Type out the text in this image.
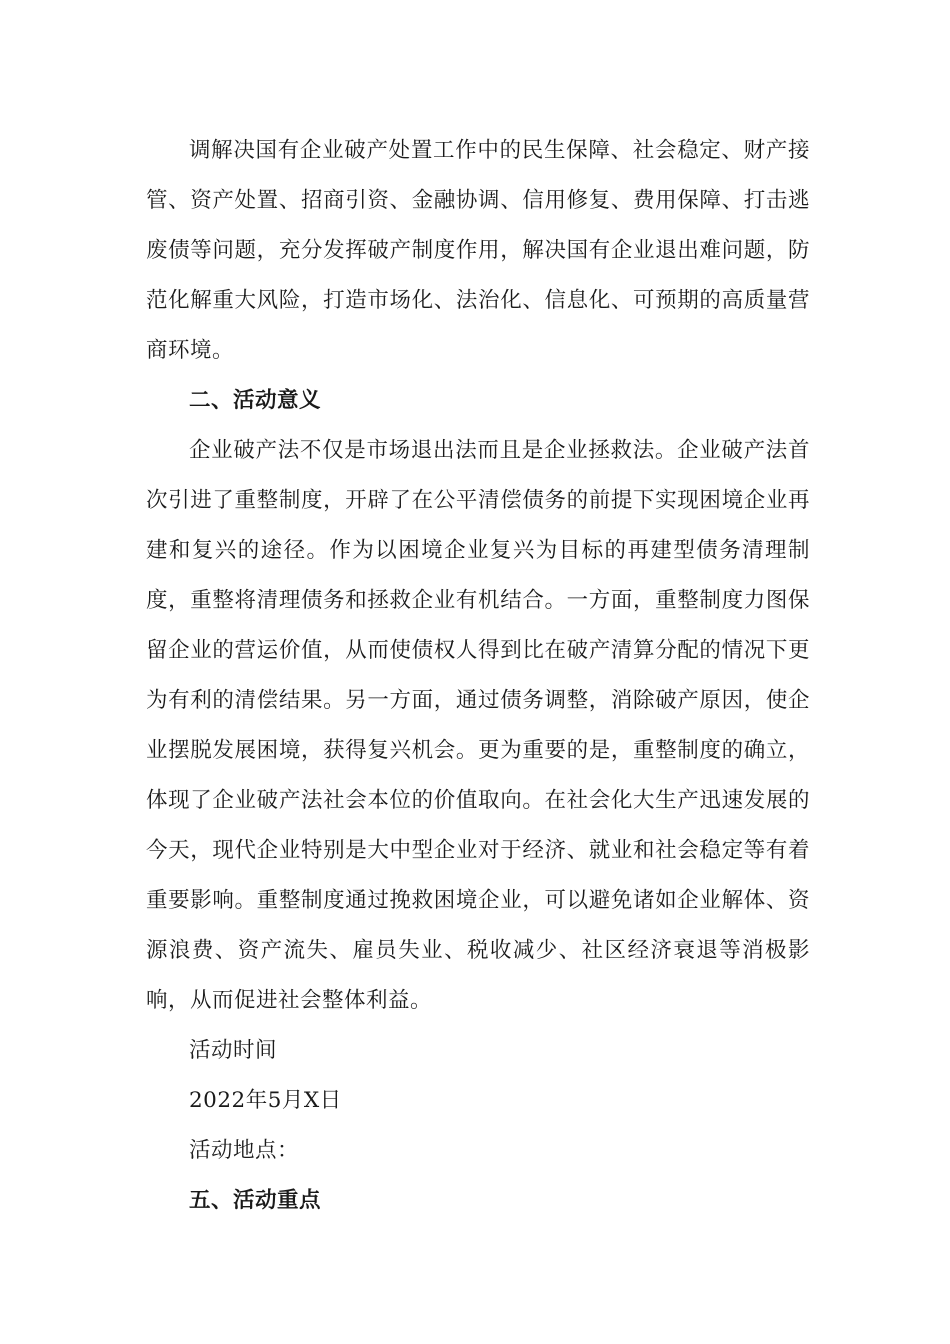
调解决国有企业破产处置工作中的民生保障、社会稳定、财产接管、资产处置、招商引资、金融协调、信用修复、费用保障、打击逃废债等问题，充分发挥破产制度作用，解决国有企业退出难问题，防范化解重大风险，打造市场化、法治化、信息化、可预期的高质量营商环境。

二、活动意义

企业破产法不仅是市场退出法而且是企业拯救法。企业破产法首次引进了重整制度，开辟了在公平清偿债务的前提下实现困境企业再建和复兴的途径。作为以困境企业复兴为目标的再建型债务清理制度，重整将清理债务和拯救企业有机结合。一方面，重整制度力图保留企业的营运价值，从而使债权人得到比在破产清算分配的情况下更为有利的清偿结果。另一方面，通过债务调整，消除破产原因，使企业摆脱发展困境，获得复兴机会。更为重要的是，重整制度的确立，体现了企业破产法社会本位的价值取向。在社会化大生产迅速发展的今天，现代企业特别是大中型企业对于经济、就业和社会稳定等有着重要影响。重整制度通过挽救困境企业，可以避免诸如企业解体、资源浪费、资产流失、雇员失业、税收减少、社区经济衰退等消极影响，从而促进社会整体利益。

活动时间

2022年5月X日

活动地点：

五、活动重点
